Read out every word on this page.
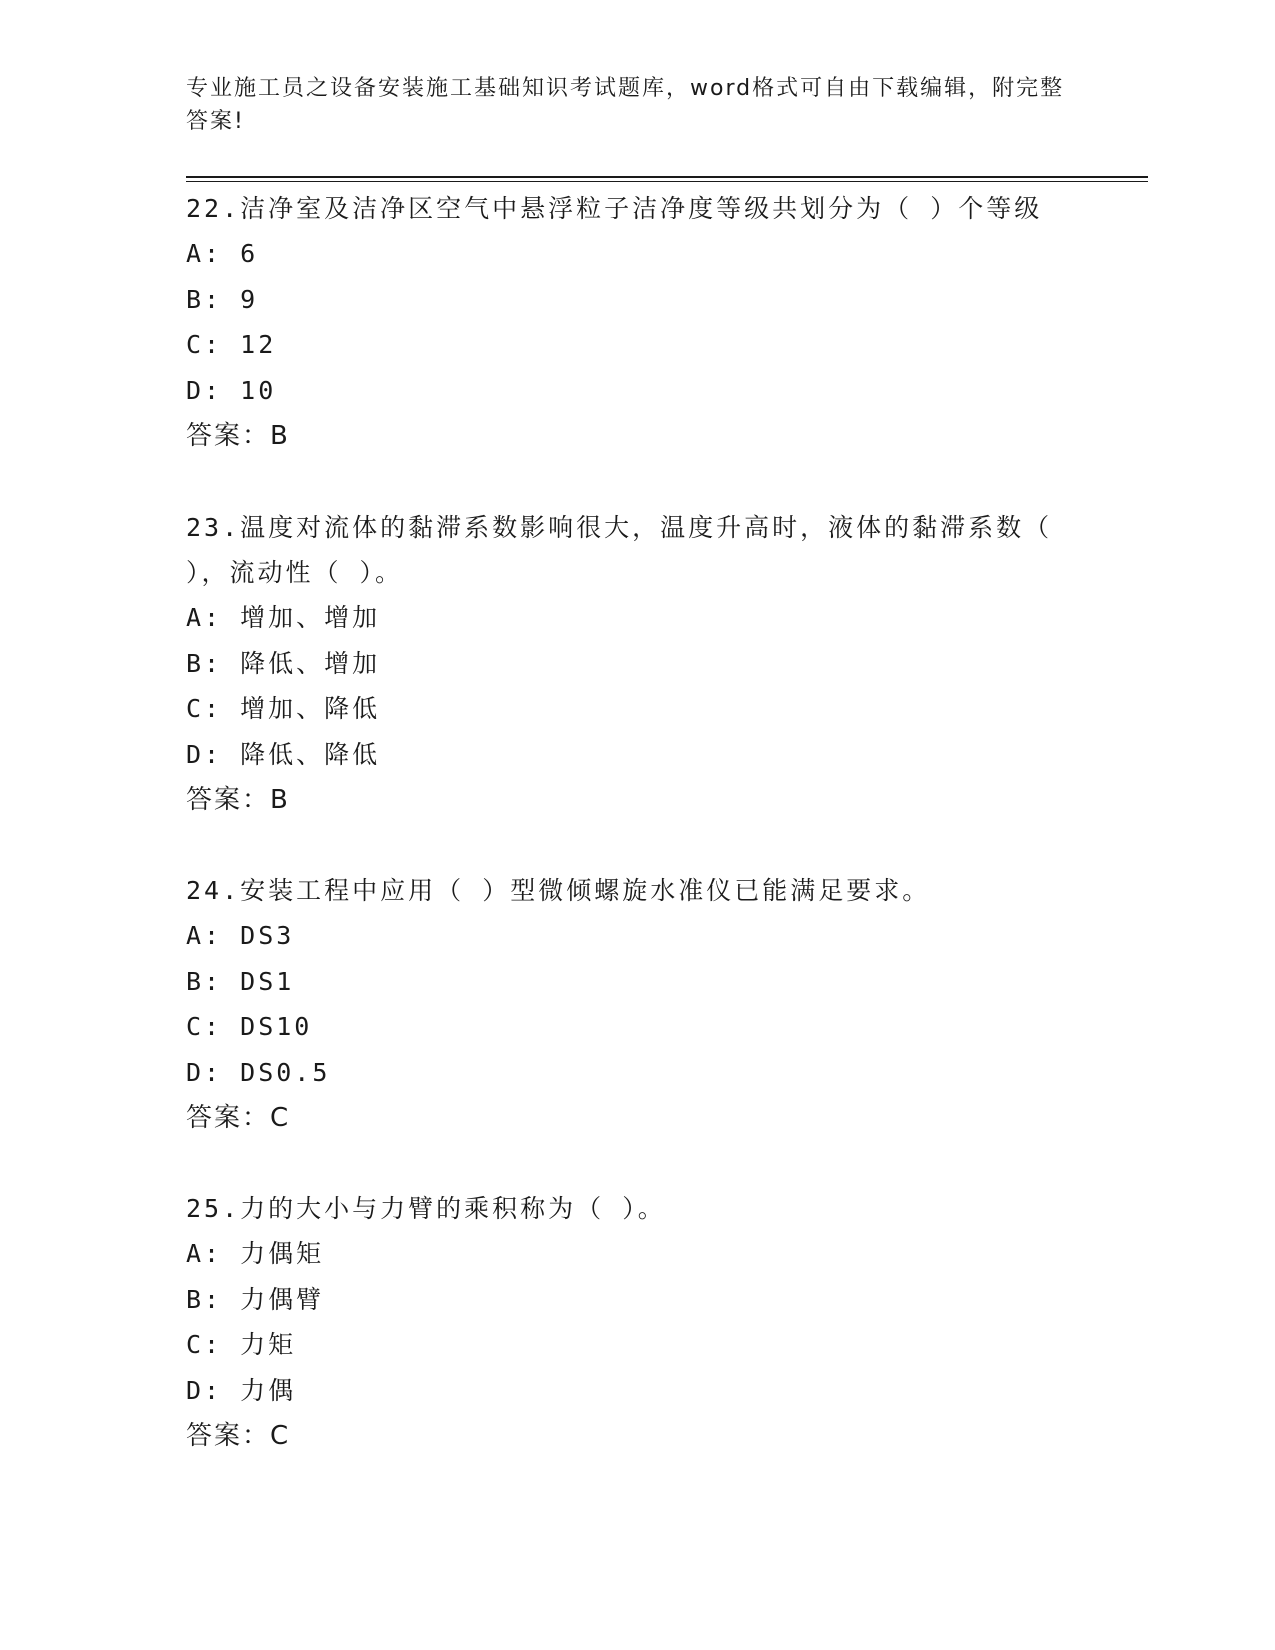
专业施工员之设备安装施工基础知识考试题库，word格式可自由下载编辑，附完整答案!

22.洁净室及洁净区空气中悬浮粒子洁净度等级共划分为（ ）个等级

A: 6

B: 9

C: 12

D: 10

答案：B

23.温度对流体的黏滞系数影响很大，温度升高时，液体的黏滞系数（ ），流动性（ ）。

A: 增加、增加

B: 降低、增加

C: 增加、降低

D: 降低、降低

答案：B

24.安装工程中应用（ ）型微倾螺旋水准仪已能满足要求。

A: DS3

B: DS1

C: DS10

D: DS0.5

答案：C

25.力的大小与力臂的乘积称为（ ）。

A: 力偶矩

B: 力偶臂

C: 力矩

D: 力偶

答案：C
